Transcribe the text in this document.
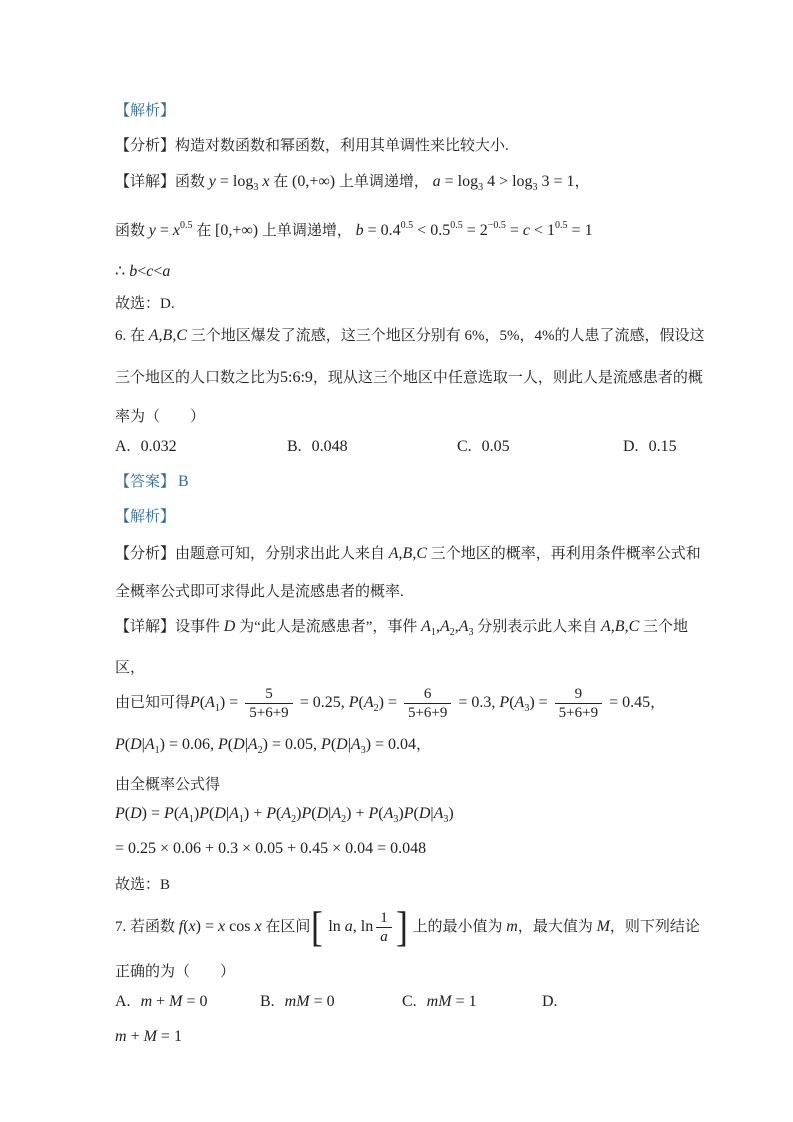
【解析】
【分析】构造对数函数和幂函数，利用其单调性来比较大小.
【详解】函数 $y = \log_3 x$ 在 (0,+∞) 上单调递增， $a = \log_3 4 > \log_3 3 = 1$，
函数 $y = x^{0.5}$ 在 [0,+∞) 上单调递增， $b = 0.4^{0.5} < 0.5^{0.5} = 2^{-0.5} = c < 1^{0.5} = 1$
∴ b<c<a
故选：D.
6. 在 A,B,C 三个地区爆发了流感，这三个地区分别有 6%，5%，4%的人患了流感，假设这
三个地区的人口数之比为5:6:9，现从这三个地区中任意选取一人，则此人是流感患者的概
率为（　　）
A. 0.032	B. 0.048	C. 0.05	D. 0.15
【答案】 B
【解析】
【分析】由题意可知，分别求出此人来自 A,B,C 三个地区的概率，再利用条件概率公式和
全概率公式即可求得此人是流感患者的概率.
【详解】设事件 D 为“此人是流感患者”，事件 $A_1,A_2,A_3$ 分别表示此人来自 A,B,C 三个地
区，
由已知可得$P(A_1) = \frac{5}{5+6+9} = 0.25$, $P(A_2) = \frac{6}{5+6+9} = 0.3$, $P(A_3) = \frac{9}{5+6+9} = 0.45$，
$P(D|A_1) = 0.06$, $P(D|A_2) = 0.05$, $P(D|A_3) = 0.04$，
由全概率公式得
$P(D) = P(A_1)P(D|A_1) + P(A_2)P(D|A_2) + P(A_3)P(D|A_3)$
= 0.25 × 0.06 + 0.3 × 0.05 + 0.45 × 0.04 = 0.048
故选：B
7. 若函数 f(x) = x cos x 在区间[ ln a, $\ln \frac{1}{a}$ ] 上的最小值为 m，最大值为 M，则下列结论
正确的为（　　）
A. m + M = 0	B. mM = 0	C. mM = 1	D.
m + M = 1
